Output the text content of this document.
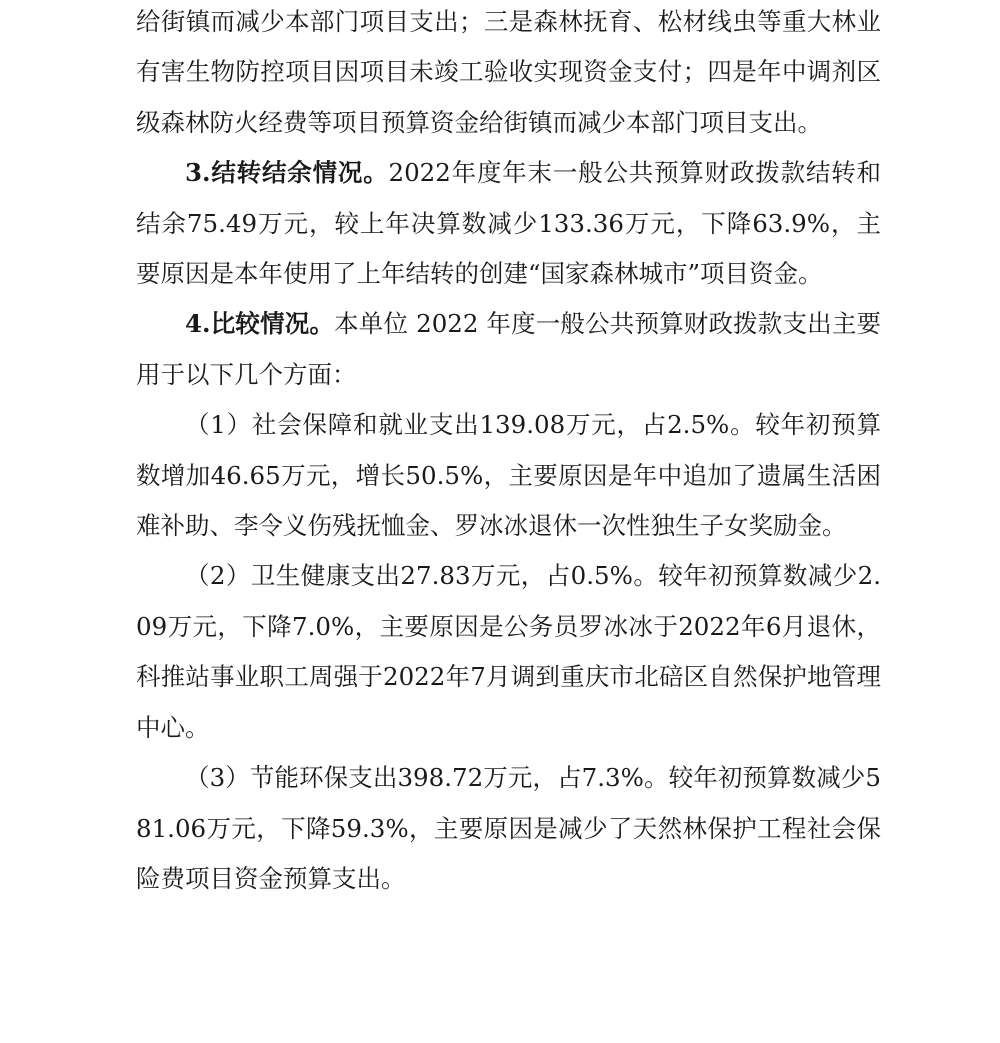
给街镇而减少本部门项目支出；三是森林抚育、松材线虫等重大林业有害生物防控项目因项目未竣工验收实现资金支付；四是年中调剂区级森林防火经费等项目预算资金给街镇而减少本部门项目支出。

3.结转结余情况。2022年度年末一般公共预算财政拨款结转和结余75.49万元，较上年决算数减少133.36万元，下降63.9%，主要原因是本年使用了上年结转的创建“国家森林城市”项目资金。

4.比较情况。本单位 2022 年度一般公共预算财政拨款支出主要用于以下几个方面：

（1）社会保障和就业支出139.08万元，占2.5%。较年初预算数增加46.65万元，增长50.5%，主要原因是年中追加了遗属生活困难补助、李令义伤残抚恤金、罗冰冰退休一次性独生子女奖励金。

（2）卫生健康支出27.83万元，占0.5%。较年初预算数减少2.09万元，下降7.0%，主要原因是公务员罗冰冰于2022年6月退休，科推站事业职工周强于2022年7月调到重庆市北碚区自然保护地管理中心。

（3）节能环保支出398.72万元，占7.3%。较年初预算数减少581.06万元，下降59.3%，主要原因是减少了天然林保护工程社会保险费项目资金预算支出。
